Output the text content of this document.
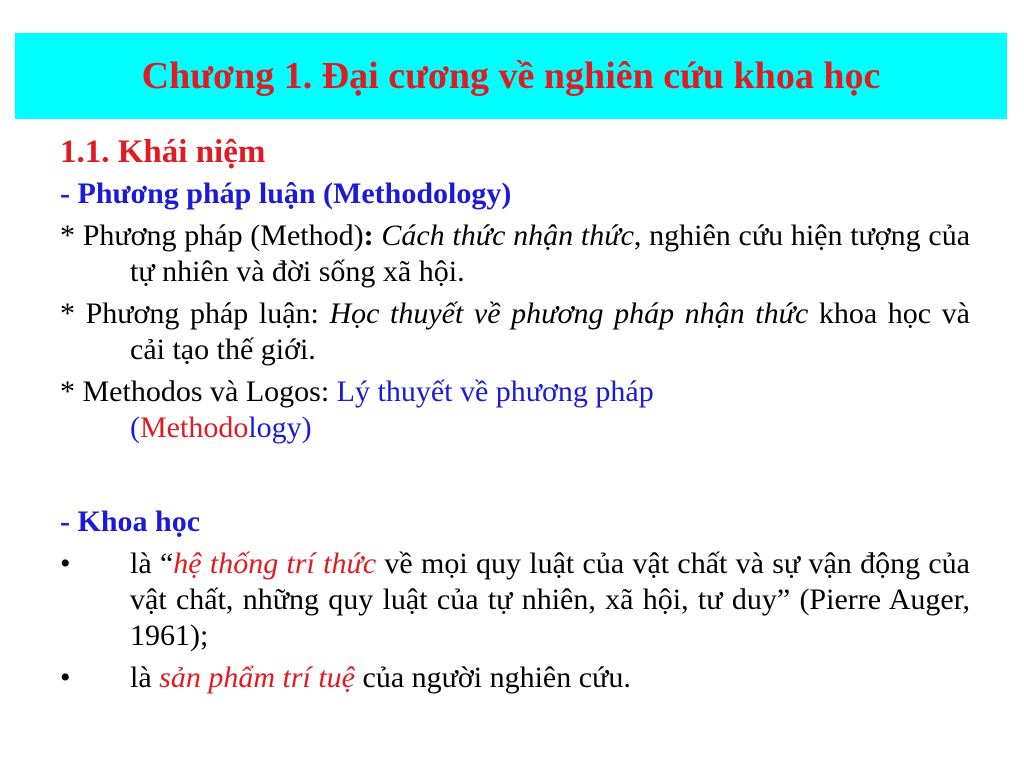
Chương 1. Đại cương về nghiên cứu khoa học
1.1. Khái niệm
- Phương pháp luận (Methodology)
* Phương pháp (Method): Cách thức nhận thức, nghiên cứu hiện tượng của tự nhiên và đời sống xã hội.
* Phương pháp luận: Học thuyết về phương pháp nhận thức khoa học và cải tạo thế giới.
* Methodos và Logos: Lý thuyết về phương pháp
(Methodology)
- Khoa học
•	là “hệ thống trí thức về mọi quy luật của vật chất và sự vận động của vật chất, những quy luật của tự nhiên, xã hội, tư duy” (Pierre Auger, 1961);
•	là sản phẩm trí tuệ của người nghiên cứu.
